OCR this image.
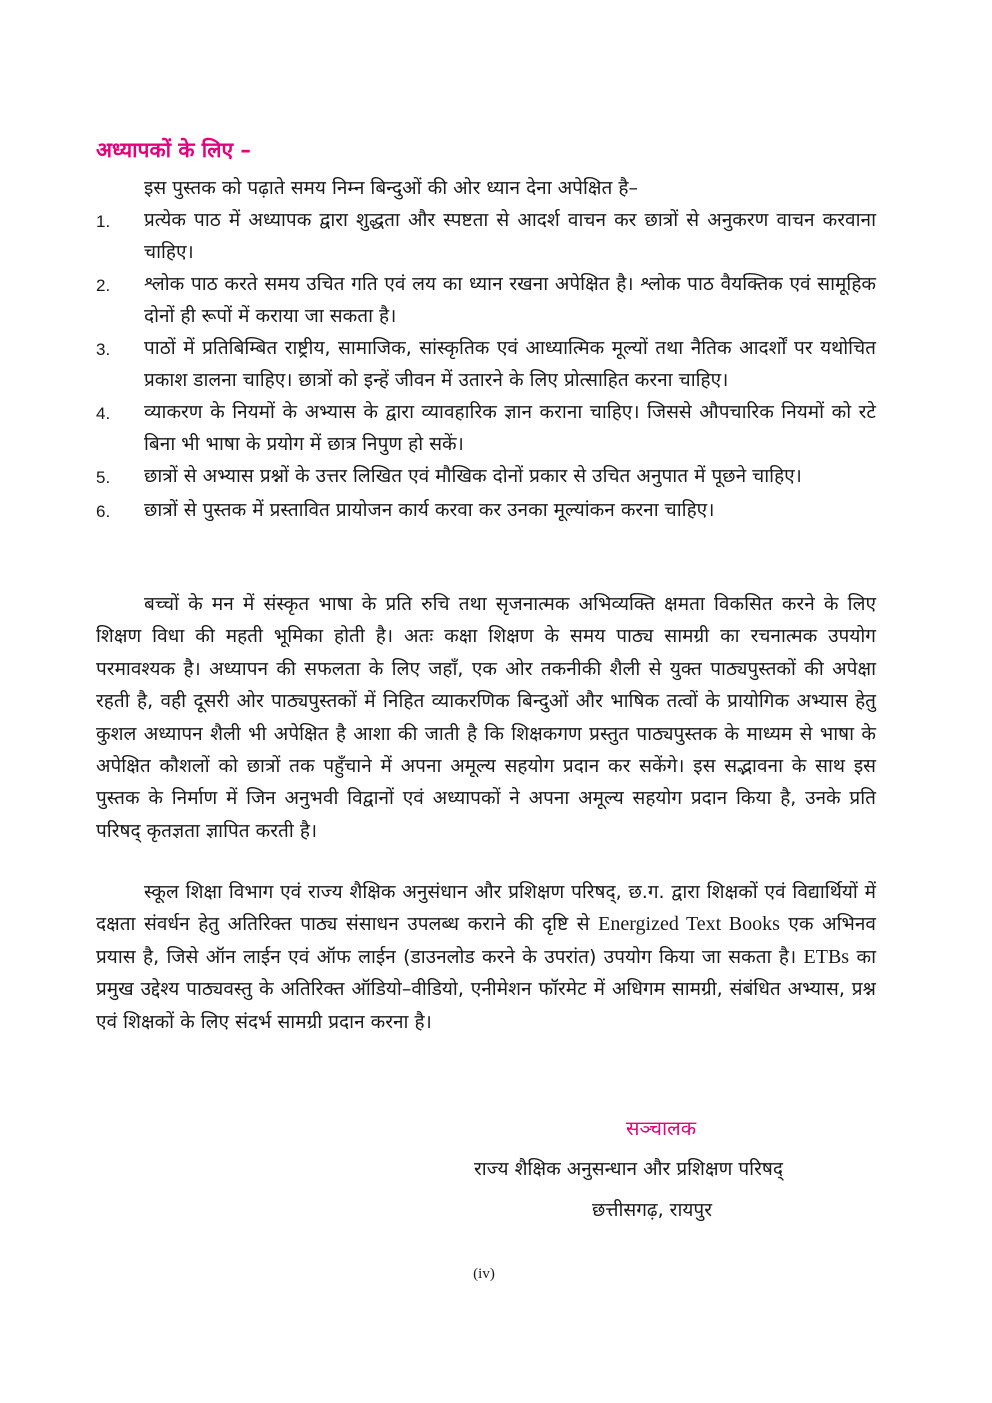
अध्यापकों के लिए –

इस पुस्तक को पढ़ाते समय निम्न बिन्दुओं की ओर ध्यान देना अपेक्षित है–

1.	प्रत्येक पाठ में अध्यापक द्वारा शुद्धता और स्पष्टता से आदर्श वाचन कर छात्रों से अनुकरण वाचन करवाना चाहिए।
2.	श्लोक पाठ करते समय उचित गति एवं लय का ध्यान रखना अपेक्षित है। श्लोक पाठ वैयक्तिक एवं सामूहिक दोनों ही रूपों में कराया जा सकता है।
3.	पाठों में प्रतिबिम्बित राष्ट्रीय, सामाजिक, सांस्कृतिक एवं आध्यात्मिक मूल्यों तथा नैतिक आदर्शों पर यथोचित प्रकाश डालना चाहिए। छात्रों को इन्हें जीवन में उतारने के लिए प्रोत्साहित करना चाहिए।
4.	व्याकरण के नियमों के अभ्यास के द्वारा व्यावहारिक ज्ञान कराना चाहिए। जिससे औपचारिक नियमों को रटे बिना भी भाषा के प्रयोग में छात्र निपुण हो सकें।
5.	छात्रों से अभ्यास प्रश्नों के उत्तर लिखित एवं मौखिक दोनों प्रकार से उचित अनुपात में पूछने चाहिए।
6.	छात्रों से पुस्तक में प्रस्तावित प्रायोजन कार्य करवा कर उनका मूल्यांकन करना चाहिए।

बच्चों के मन में संस्कृत भाषा के प्रति रुचि तथा सृजनात्मक अभिव्यक्ति क्षमता विकसित करने के लिए शिक्षण विधा की महती भूमिका होती है। अतः कक्षा शिक्षण के समय पाठ्य सामग्री का रचनात्मक उपयोग परमावश्यक है। अध्यापन की सफलता के लिए जहाँ, एक ओर तकनीकी शैली से युक्त पाठ्यपुस्तकों की अपेक्षा रहती है, वही दूसरी ओर पाठ्यपुस्तकों में निहित व्याकरणिक बिन्दुओं और भाषिक तत्वों के प्रायोगिक अभ्यास हेतु कुशल अध्यापन शैली भी अपेक्षित है आशा की जाती है कि शिक्षकगण प्रस्तुत पाठ्यपुस्तक के माध्यम से भाषा के अपेक्षित कौशलों को छात्रों तक पहुँचाने में अपना अमूल्य सहयोग प्रदान कर सकेंगे। इस सद्भावना के साथ इस पुस्तक के निर्माण में जिन अनुभवी विद्वानों एवं अध्यापकों ने अपना अमूल्य सहयोग प्रदान किया है, उनके प्रति परिषद् कृतज्ञता ज्ञापित करती है।

स्कूल शिक्षा विभाग एवं राज्य शैक्षिक अनुसंधान और प्रशिक्षण परिषद्, छ.ग. द्वारा शिक्षकों एवं विद्यार्थियों में दक्षता संवर्धन हेतु अतिरिक्त पाठ्य संसाधन उपलब्ध कराने की दृष्टि से Energized Text Books एक अभिनव प्रयास है, जिसे ऑन लाईन एवं ऑफ लाईन (डाउनलोड करने के उपरांत) उपयोग किया जा सकता है। ETBs का प्रमुख उद्देश्य पाठ्यवस्तु के अतिरिक्त ऑडियो–वीडियो, एनीमेशन फॉरमेट में अधिगम सामग्री, संबंधित अभ्यास, प्रश्न एवं शिक्षकों के लिए संदर्भ सामग्री प्रदान करना है।

सञ्चालक

राज्य शैक्षिक अनुसन्धान और प्रशिक्षण परिषद्

छत्तीसगढ़, रायपुर

(iv)
